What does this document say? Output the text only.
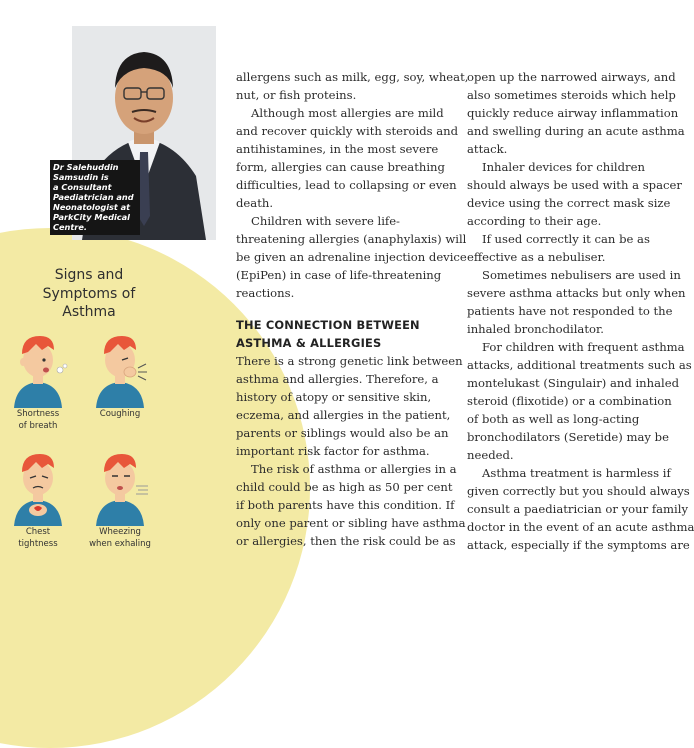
Dr Salehuddin
Samsudin is
a Consultant
Paediatrician and
Neonatologist at
ParkCity Medical
Centre.
Signs and
Symptoms of
Asthma
Shortness
of breath
Coughing
Chest
tightness
Wheezing
when exhaling

allergens such as milk, egg, soy, wheat,
nut, or fish proteins.

Although most allergies are mild
and recover quickly with steroids and
antihistamines, in the most severe
form, allergies can cause breathing
difficulties, lead to collapsing or even
death.

Children with severe life-
threatening allergies (anaphylaxis) will
be given an adrenaline injection device
(EpiPen) in case of life-threatening
reactions.

THE CONNECTION BETWEEN
ASTHMA & ALLERGIES

There is a strong genetic link between
asthma and allergies. Therefore, a
history of atopy or sensitive skin,
eczema, and allergies in the patient,
parents or siblings would also be an
important risk factor for asthma.

The risk of asthma or allergies in a
child could be as high as 50 per cent
if both parents have this condition. If
only one parent or sibling have asthma
or allergies, then the risk could be as

open up the narrowed airways, and
also sometimes steroids which help
quickly reduce airway inflammation
and swelling during an acute asthma
attack.

Inhaler devices for children
should always be used with a spacer
device using the correct mask size
according to their age.

If used correctly it can be as
effective as a nebuliser.

Sometimes nebulisers are used in
severe asthma attacks but only when
patients have not responded to the
inhaled bronchodilator.

For children with frequent asthma
attacks, additional treatments such as
montelukast (Singulair) and inhaled
steroid (flixotide) or a combination
of both as well as long-acting
bronchodilators (Seretide) may be
needed.

Asthma treatment is harmless if
given correctly but you should always
consult a paediatrician or your family
doctor in the event of an acute asthma
attack, especially if the symptoms are
